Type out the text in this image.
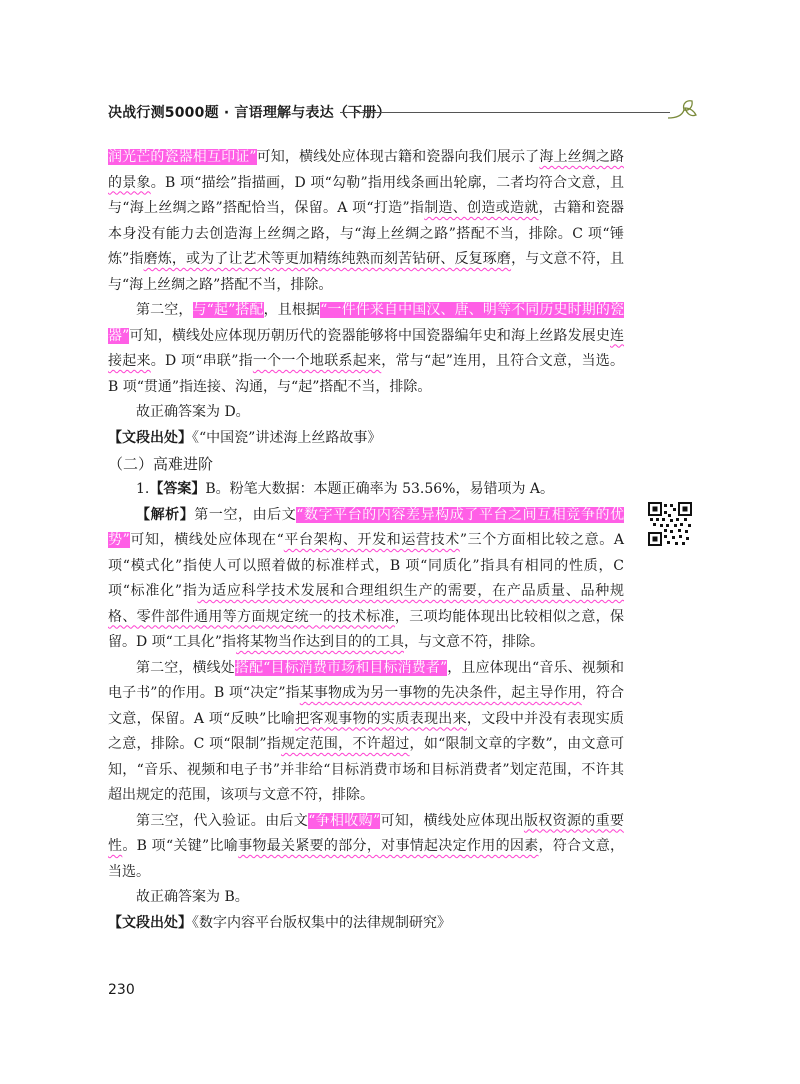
决战行测5000题 · 言语理解与表达（下册）

润光芒的瓷器相互印证”可知，横线处应体现古籍和瓷器向我们展示了海上丝绸之路的景象。B 项“描绘”指描画，D 项“勾勒”指用线条画出轮廓，二者均符合文意，且与“海上丝绸之路”搭配恰当，保留。A 项“打造”指制造、创造或造就，古籍和瓷器本身没有能力去创造海上丝绸之路，与“海上丝绸之路”搭配不当，排除。C 项“锤炼”指磨炼，或为了让艺术等更加精练纯熟而刻苦钻研、反复琢磨，与文意不符，且与“海上丝绸之路”搭配不当，排除。

第二空，与“起”搭配，且根据“一件件来自中国汉、唐、明等不同历史时期的瓷器”可知，横线处应体现历朝历代的瓷器能够将中国瓷器编年史和海上丝路发展史连接起来。D 项“串联”指一个一个地联系起来，常与“起”连用，且符合文意，当选。B 项“贯通”指连接、沟通，与“起”搭配不当，排除。

故正确答案为 D。

【文段出处】《“中国瓷”讲述海上丝路故事》

（二）高难进阶

1.【答案】B。粉笔大数据：本题正确率为 53.56%，易错项为 A。

【解析】第一空，由后文“数字平台的内容差异构成了平台之间互相竞争的优势”可知，横线处应体现在“平台架构、开发和运营技术”三个方面相比较之意。A 项“模式化”指使人可以照着做的标准样式，B 项“同质化”指具有相同的性质，C 项“标准化”指为适应科学技术发展和合理组织生产的需要，在产品质量、品种规格、零件部件通用等方面规定统一的技术标准，三项均能体现出比较相似之意，保留。D 项“工具化”指将某物当作达到目的的工具，与文意不符，排除。

第二空，横线处搭配“目标消费市场和目标消费者”，且应体现出“音乐、视频和电子书”的作用。B 项“决定”指某事物成为另一事物的先决条件，起主导作用，符合文意，保留。A 项“反映”比喻把客观事物的实质表现出来，文段中并没有表现实质之意，排除。C 项“限制”指规定范围，不许超过，如“限制文章的字数”，由文意可知，“音乐、视频和电子书”并非给“目标消费市场和目标消费者”划定范围，不许其超出规定的范围，该项与文意不符，排除。

第三空，代入验证。由后文“争相收购”可知，横线处应体现出版权资源的重要性。B 项“关键”比喻事物最关紧要的部分，对事情起决定作用的因素，符合文意，当选。

故正确答案为 B。

【文段出处】《数字内容平台版权集中的法律规制研究》

230
